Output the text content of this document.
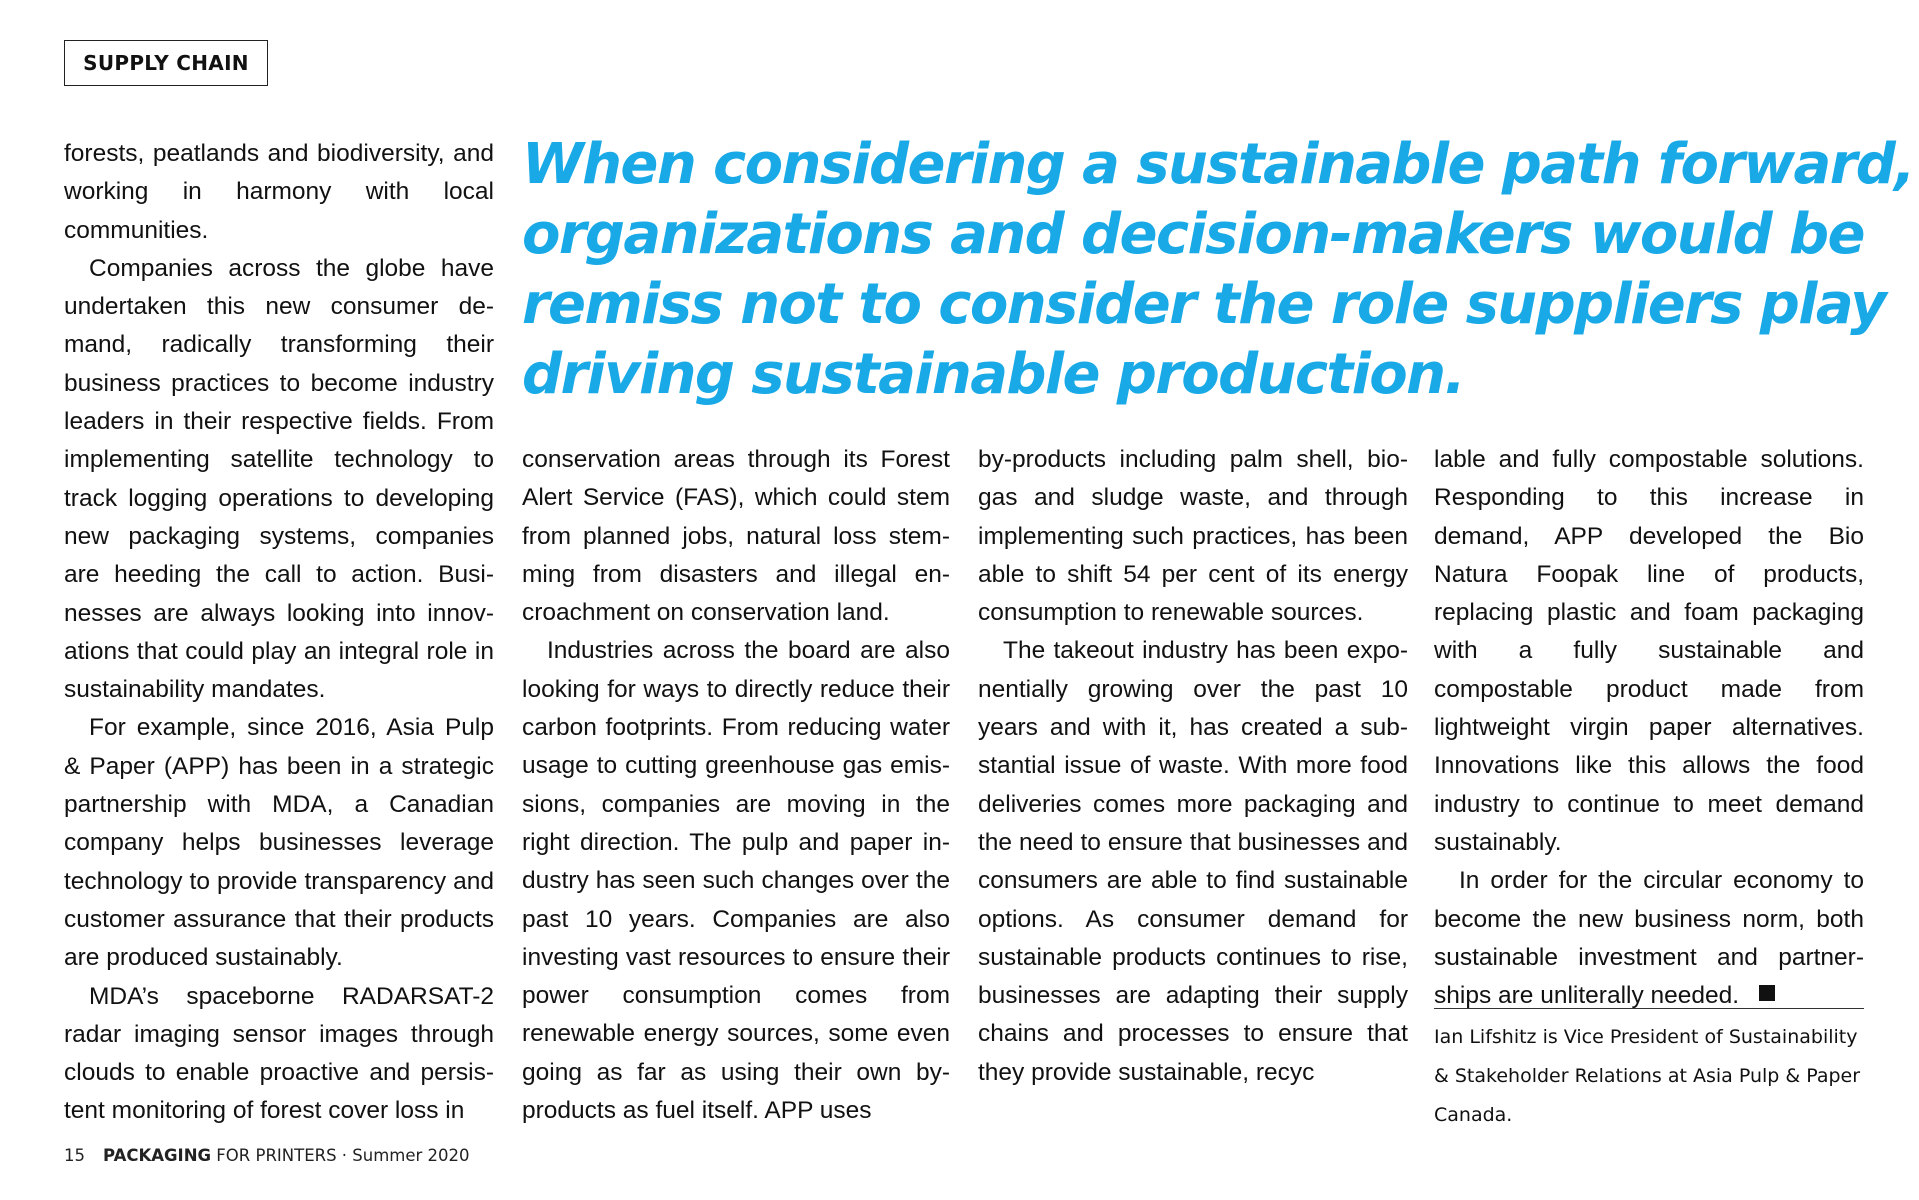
SUPPLY CHAIN
When considering a sustainable path forward,
organizations and decision-makers would be
remiss not to consider the role suppliers play
driving sustainable production.

forests, peatlands and biodiversity, and working in harmony with local communities.

Companies across the globe have undertaken this new consumer demand, radically transforming their business practices to become industry leaders in their respective fields. From implementing satellite technology to track logging operations to developing new packaging systems, companies are heeding the call to action. Businesses are always looking into innovations that could play an integral role in sustainability mandates.

For example, since 2016, Asia Pulp & Paper (APP) has been in a strategic partnership with MDA, a Canadian company helps businesses leverage technology to provide transparency and customer assurance that their products are produced sustainably.

MDA’s spaceborne RADARSAT-2 radar imaging sensor images through clouds to enable proactive and persistent monitoring of forest cover loss in

conservation areas through its Forest Alert Service (FAS), which could stem from planned jobs, natural loss stemming from disasters and illegal encroachment on conservation land.

Industries across the board are also looking for ways to directly reduce their carbon footprints. From reducing water usage to cutting greenhouse gas emissions, companies are moving in the right direction. The pulp and paper industry has seen such changes over the past 10 years. Companies are also investing vast resources to ensure their power consumption comes from renewable energy sources, some even going as far as using their own by-products as fuel itself. APP uses

by-products including palm shell, biogas and sludge waste, and through implementing such practices, has been able to shift 54 per cent of its energy consumption to renewable sources.

The takeout industry has been exponentially growing over the past 10 years and with it, has created a substantial issue of waste. With more food deliveries comes more packaging and the need to ensure that businesses and consumers are able to find sustainable options. As consumer demand for sustainable products continues to rise, businesses are adapting their supply chains and processes to ensure that they provide sustainable, recyc

lable and fully compostable solutions. Responding to this increase in demand, APP developed the Bio Natura Foopak line of products, replacing plastic and foam packaging with a fully sustainable and compostable product made from lightweight virgin paper alternatives. Innovations like this allows the food industry to continue to meet demand sustainably.

In order for the circular economy to become the new business norm, both sustainable investment and partnerships are unliterally needed.

Ian Lifshitz is Vice President of Sustainability & Stakeholder Relations at Asia Pulp & Paper Canada.

15 PACKAGING FOR PRINTERS · Summer 2020
